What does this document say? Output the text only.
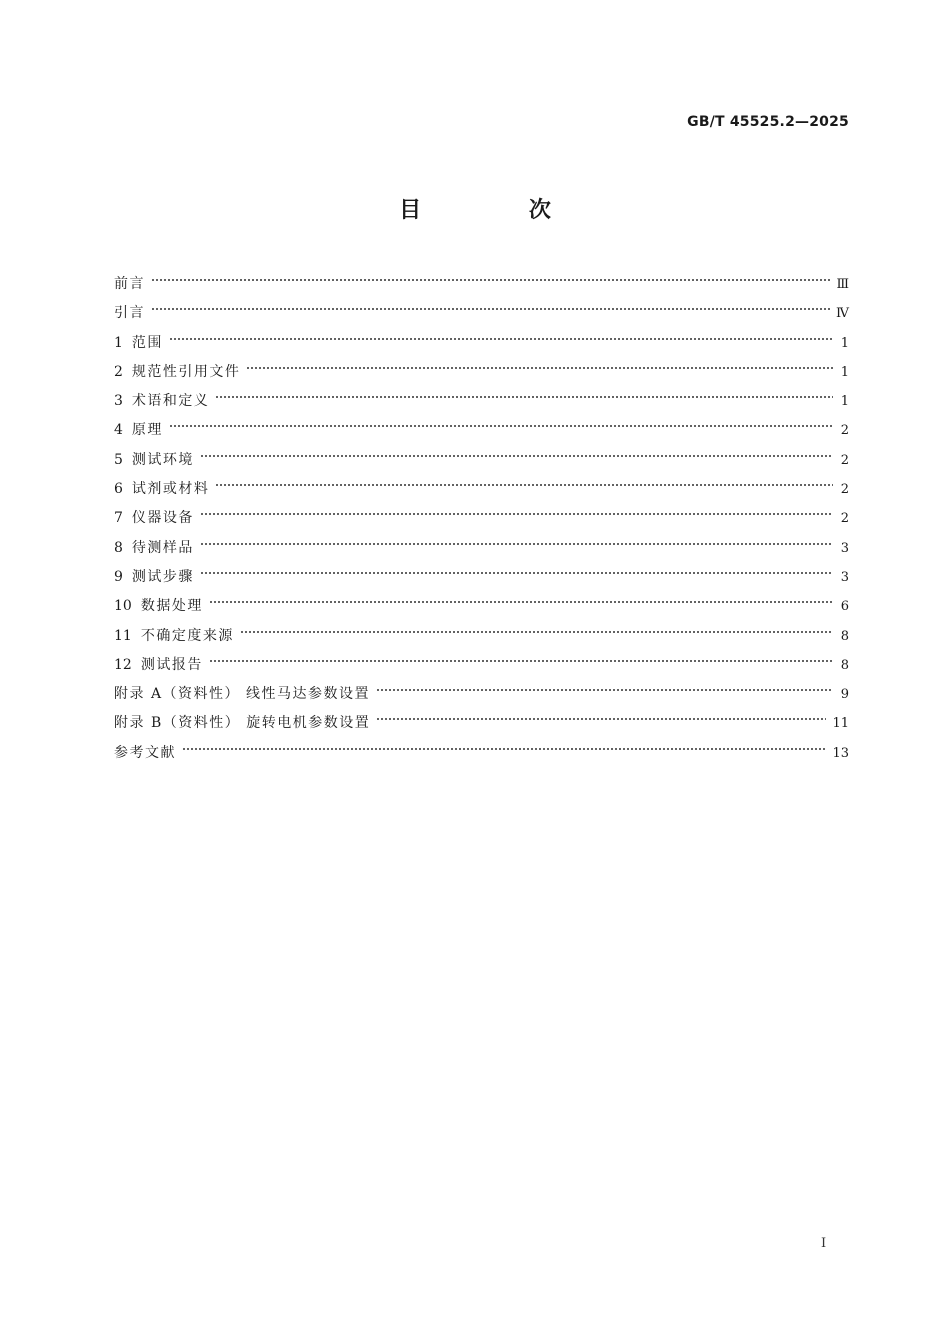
GB/T 45525.2—2025
目 次
前言	Ⅲ
引言	Ⅳ
1 范围	1
2 规范性引用文件	1
3 术语和定义	1
4 原理	2
5 测试环境	2
6 试剂或材料	2
7 仪器设备	2
8 待测样品	3
9 测试步骤	3
10 数据处理	6
11 不确定度来源	8
12 测试报告	8
附录 A（资料性） 线性马达参数设置	9
附录 B（资料性） 旋转电机参数设置	11
参考文献	13
Ⅰ
